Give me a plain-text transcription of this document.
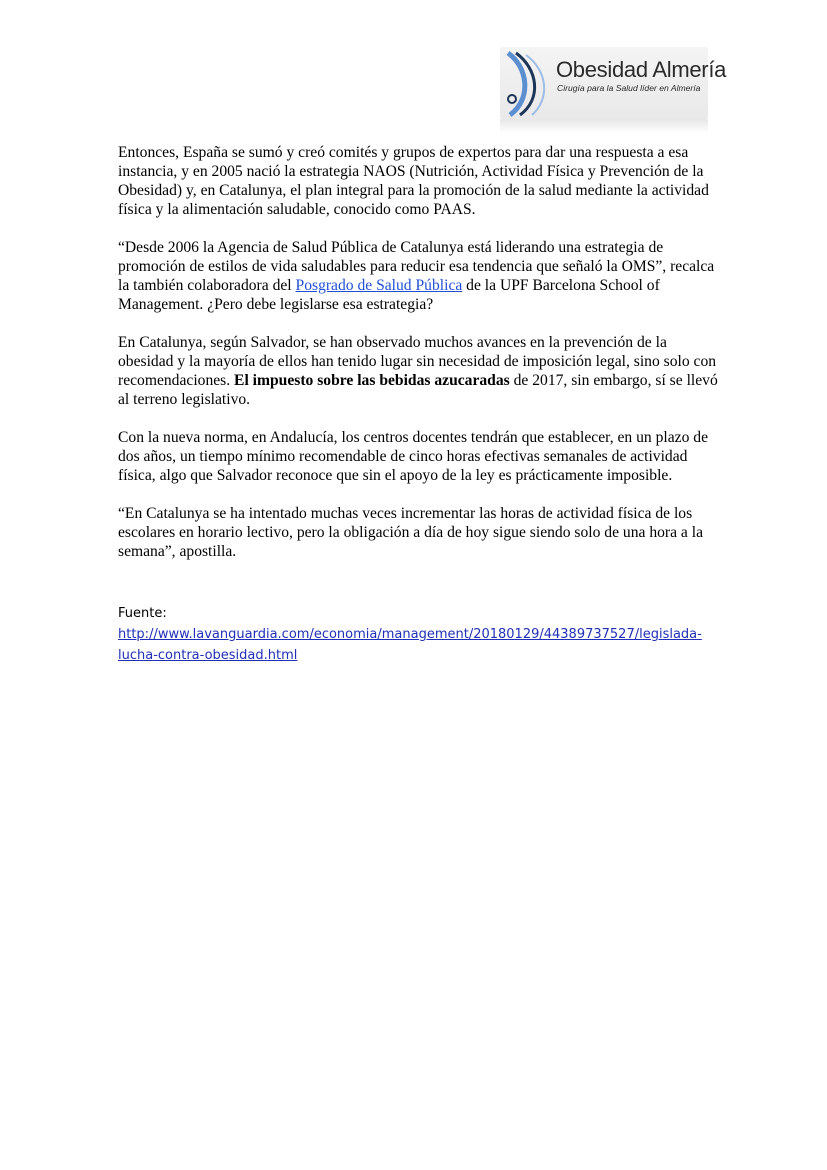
Obesidad Almería
Cirugía para la Salud líder en Almería

Entonces, España se sumó y creó comités y grupos de expertos para dar una respuesta a esa instancia, y en 2005 nació la estrategia NAOS (Nutrición, Actividad Física y Prevención de la Obesidad) y, en Catalunya, el plan integral para la promoción de la salud mediante la actividad física y la alimentación saludable, conocido como PAAS.

“Desde 2006 la Agencia de Salud Pública de Catalunya está liderando una estrategia de promoción de estilos de vida saludables para reducir esa tendencia que señaló la OMS”, recalca la también colaboradora del Posgrado de Salud Pública de la UPF Barcelona School of Management. ¿Pero debe legislarse esa estrategia?

En Catalunya, según Salvador, se han observado muchos avances en la prevención de la obesidad y la mayoría de ellos han tenido lugar sin necesidad de imposición legal, sino solo con recomendaciones. El impuesto sobre las bebidas azucaradas de 2017, sin embargo, sí se llevó al terreno legislativo.

Con la nueva norma, en Andalucía, los centros docentes tendrán que establecer, en un plazo de dos años, un tiempo mínimo recomendable de cinco horas efectivas semanales de actividad física, algo que Salvador reconoce que sin el apoyo de la ley es prácticamente imposible.

“En Catalunya se ha intentado muchas veces incrementar las horas de actividad física de los escolares en horario lectivo, pero la obligación a día de hoy sigue siendo solo de una hora a la semana”, apostilla.

Fuente:
http://www.lavanguardia.com/economia/management/20180129/44389737527/legislada-
lucha-contra-obesidad.html
